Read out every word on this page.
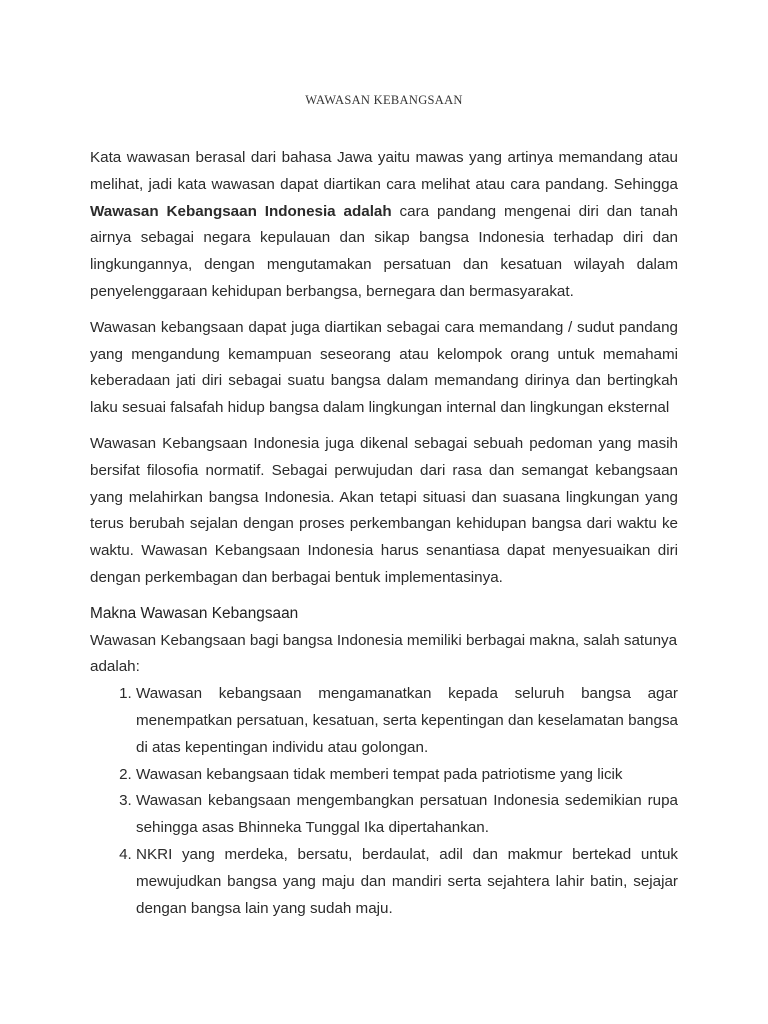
WAWASAN KEBANGSAAN

Kata wawasan berasal dari bahasa Jawa yaitu mawas yang artinya memandang atau melihat, jadi kata wawasan dapat diartikan cara melihat atau cara pandang. Sehingga Wawasan Kebangsaan Indonesia adalah cara pandang mengenai diri dan tanah airnya sebagai negara kepulauan dan sikap bangsa Indonesia terhadap diri dan lingkungannya, dengan mengutamakan persatuan dan kesatuan wilayah dalam penyelenggaraan kehidupan berbangsa, bernegara dan bermasyarakat.

Wawasan kebangsaan dapat juga diartikan sebagai cara memandang / sudut pandang yang mengandung kemampuan seseorang atau kelompok orang untuk memahami keberadaan jati diri sebagai suatu bangsa dalam memandang dirinya dan bertingkah laku sesuai falsafah hidup bangsa dalam lingkungan internal dan lingkungan eksternal

Wawasan Kebangsaan Indonesia juga dikenal sebagai sebuah pedoman yang masih bersifat filosofia normatif. Sebagai perwujudan dari rasa dan semangat kebangsaan yang melahirkan bangsa Indonesia. Akan tetapi situasi dan suasana lingkungan yang terus berubah sejalan dengan proses perkembangan kehidupan bangsa dari waktu ke waktu. Wawasan Kebangsaan Indonesia harus senantiasa dapat menyesuaikan diri dengan perkembagan dan berbagai bentuk implementasinya.

Makna Wawasan Kebangsaan

Wawasan Kebangsaan bagi bangsa Indonesia memiliki berbagai makna, salah satunya adalah:

1. Wawasan kebangsaan mengamanatkan kepada seluruh bangsa agar menempatkan persatuan, kesatuan, serta kepentingan dan keselamatan bangsa di atas kepentingan individu atau golongan.
2. Wawasan kebangsaan tidak memberi tempat pada patriotisme yang licik
3. Wawasan kebangsaan mengembangkan persatuan Indonesia sedemikian rupa sehingga asas Bhinneka Tunggal Ika dipertahankan.
4. NKRI yang merdeka, bersatu, berdaulat, adil dan makmur bertekad untuk mewujudkan bangsa yang maju dan mandiri serta sejahtera lahir batin, sejajar dengan bangsa lain yang sudah maju.
